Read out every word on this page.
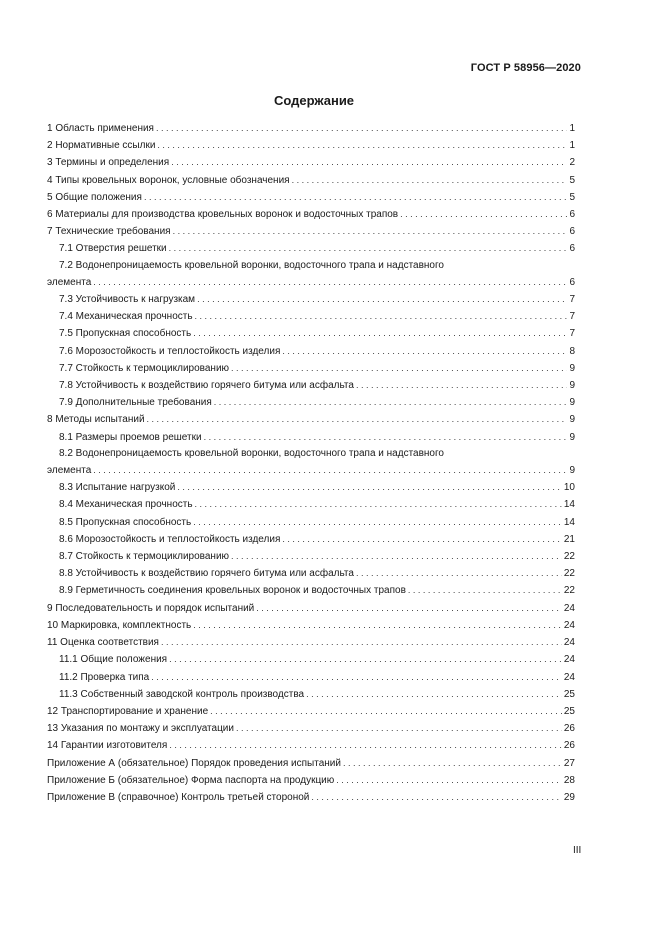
ГОСТ Р 58956—2020
Содержание
1 Область применения . . .	1
2 Нормативные ссылки . . .	1
3 Термины и определения . . .	2
4 Типы кровельных воронок, условные обозначения . . .	5
5 Общие положения . . .	5
6 Материалы для производства кровельных воронок и водосточных трапов . . .	6
7 Технические требования . . .	6
7.1 Отверстия решетки . . .	6
7.2 Водонепроницаемость кровельной воронки, водосточного трапа и надставного
элемента . . .	6
7.3 Устойчивость к нагрузкам . . .	7
7.4 Механическая прочность . . .	7
7.5 Пропускная способность . . .	7
7.6 Морозостойкость и теплостойкость изделия . . .	8
7.7 Стойкость к термоциклированию . . .	9
7.8 Устойчивость к воздействию горячего битума или асфальта . . .	9
7.9 Дополнительные требования . . .	9
8 Методы испытаний . . .	9
8.1 Размеры проемов решетки . . .	9
8.2 Водонепроницаемость кровельной воронки, водосточного трапа и надставного
элемента . . .	9
8.3 Испытание нагрузкой . . .	10
8.4 Механическая прочность . . .	14
8.5 Пропускная способность . . .	14
8.6 Морозостойкость и теплостойкость изделия . . .	21
8.7 Стойкость к термоциклированию . . .	22
8.8 Устойчивость к воздействию горячего битума или асфальта . . .	22
8.9 Герметичность соединения кровельных воронок и водосточных трапов . . .	22
9 Последовательность и порядок испытаний . . .	24
10 Маркировка, комплектность . . .	24
11 Оценка соответствия . . .	24
11.1 Общие положения . . .	24
11.2 Проверка типа . . .	24
11.3 Собственный заводской контроль производства . . .	25
12 Транспортирование и хранение . . .	25
13 Указания по монтажу и эксплуатации . . .	26
14 Гарантии изготовителя . . .	26
Приложение А (обязательное) Порядок проведения испытаний . . .	27
Приложение Б (обязательное) Форма паспорта на продукцию . . .	28
Приложение В (справочное) Контроль третьей стороной . . .	29
III
